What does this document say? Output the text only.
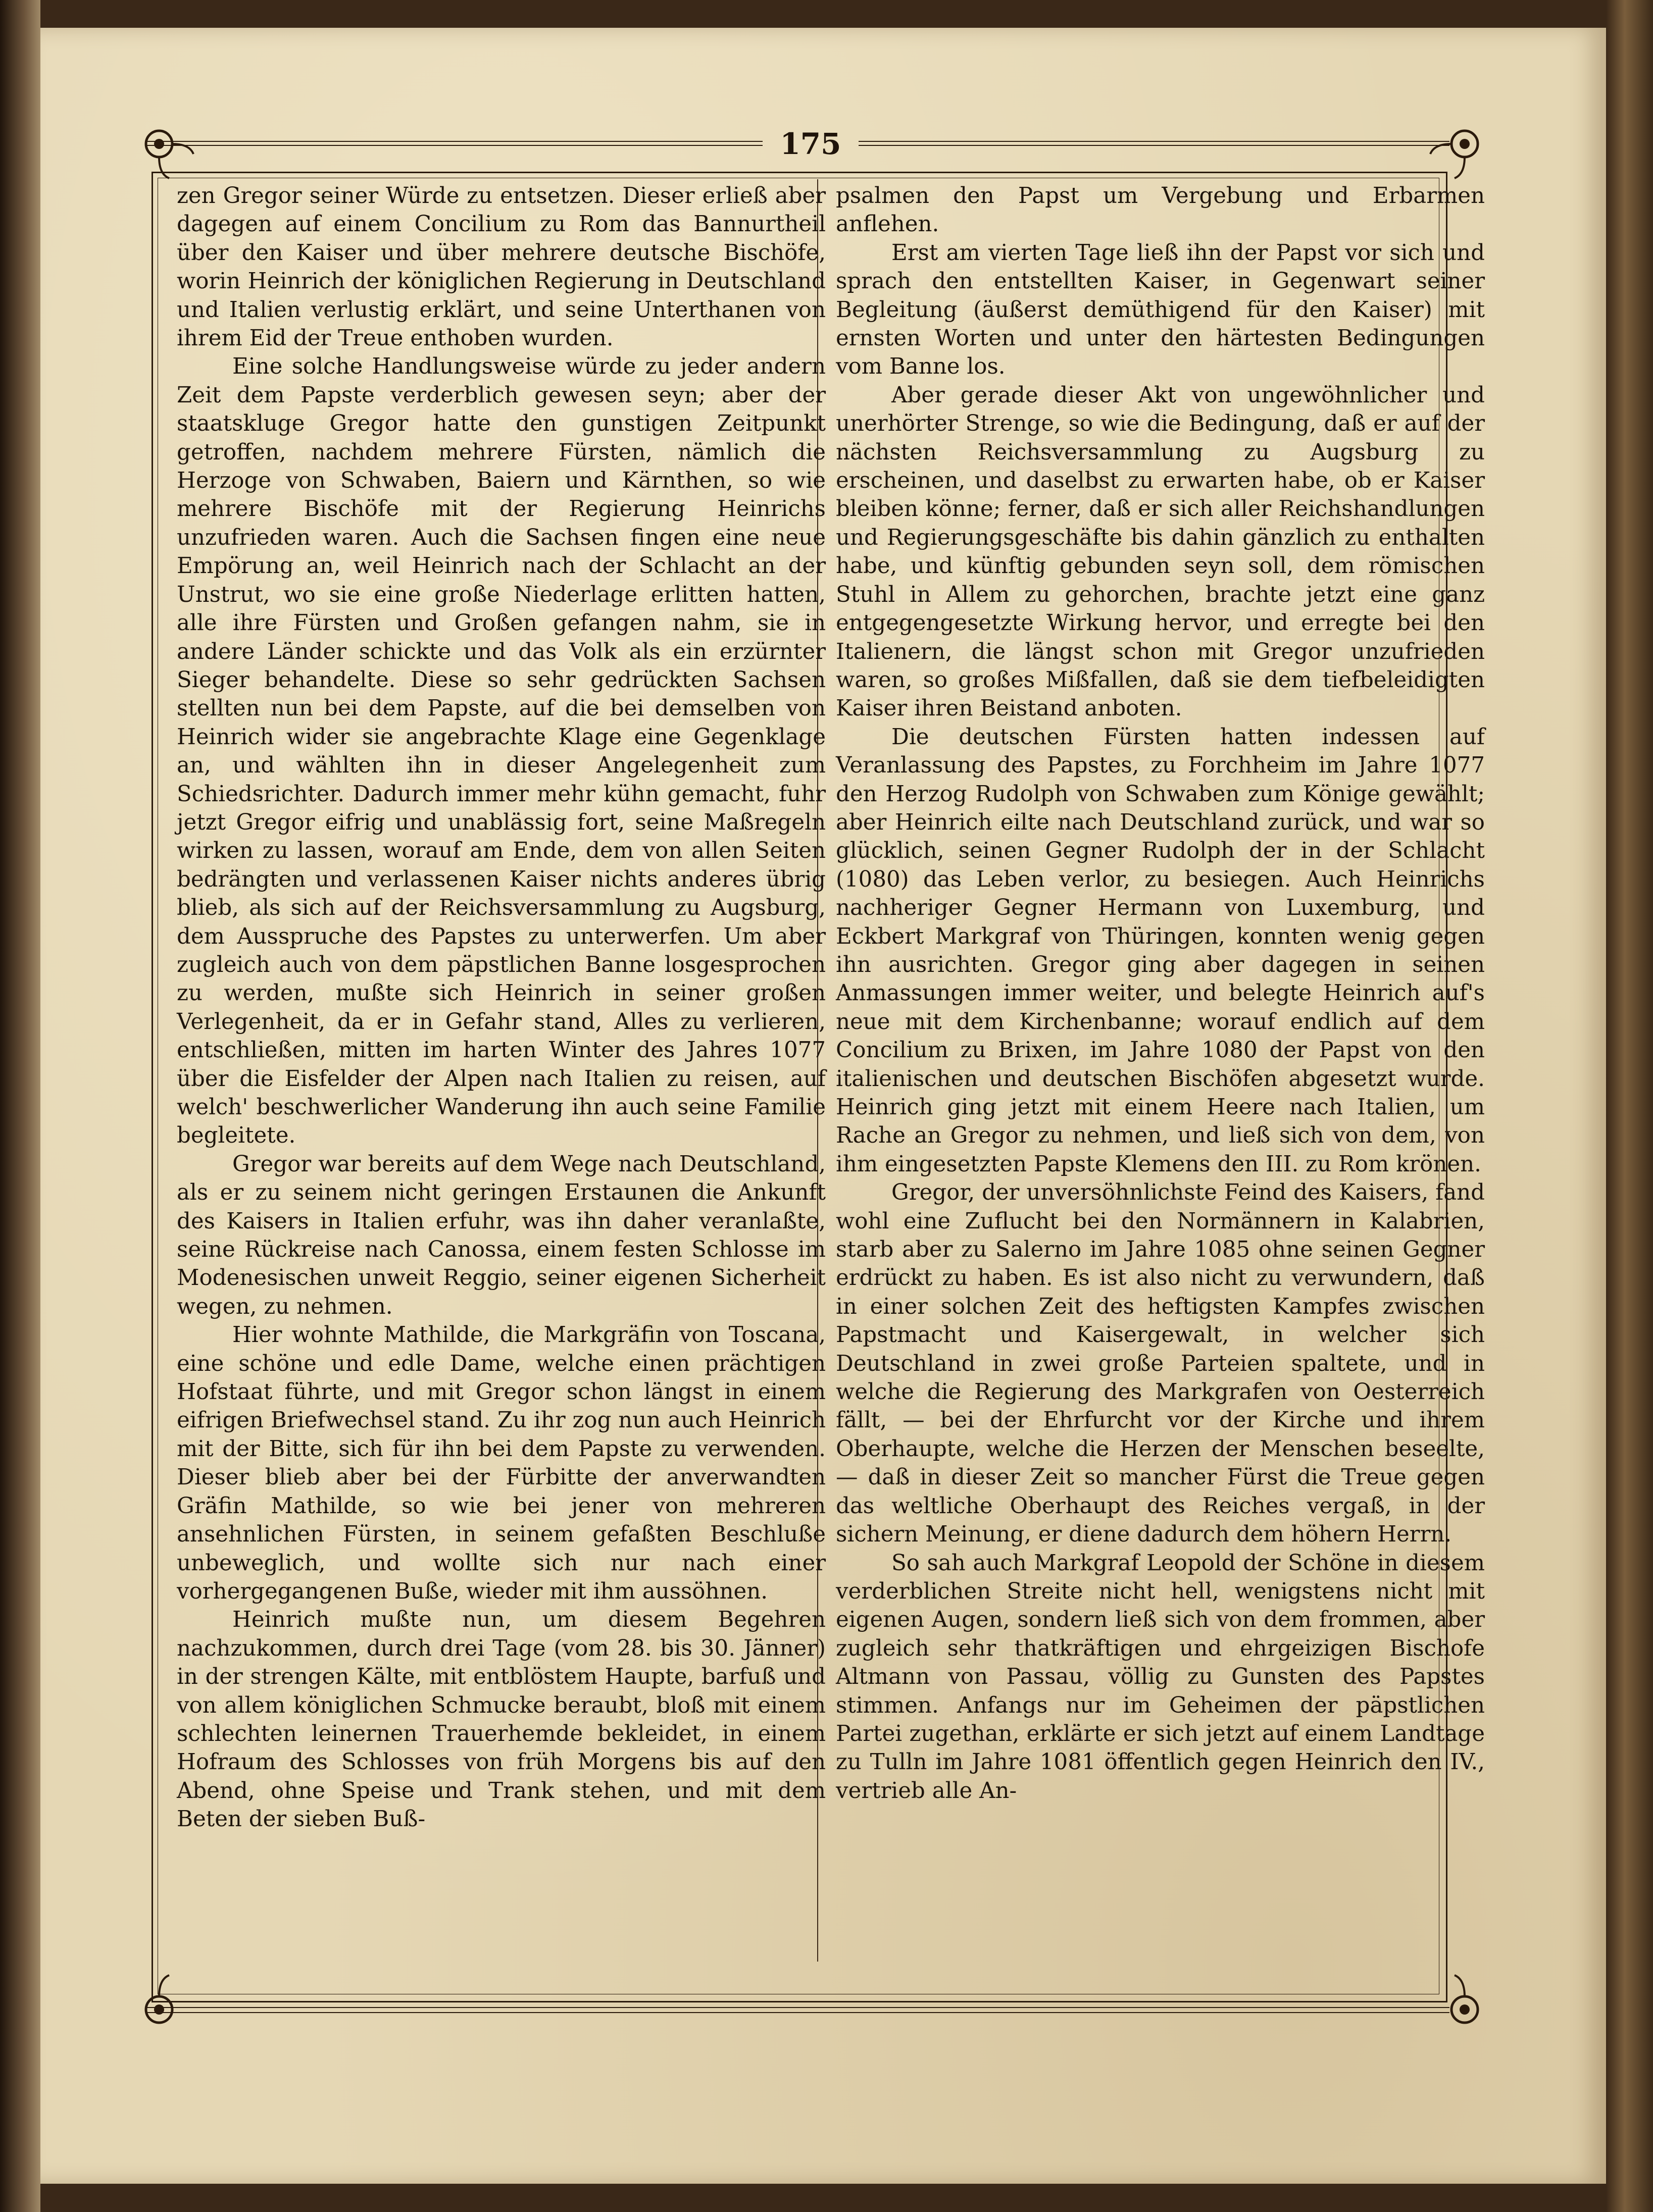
175

zen Gregor seiner Würde zu entsetzen. Dieser erließ aber dagegen auf einem Concilium zu Rom das Bannurtheil über den Kaiser und über mehrere deutsche Bischöfe, worin Heinrich der königlichen Regierung in Deutschland und Italien verlustig erklärt, und seine Unterthanen von ihrem Eid der Treue enthoben wurden.

Eine solche Handlungsweise würde zu jeder andern Zeit dem Papste verderblich gewesen seyn; aber der staatskluge Gregor hatte den gunstigen Zeitpunkt getroffen, nachdem mehrere Fürsten, nämlich die Herzoge von Schwaben, Baiern und Kärnthen, so wie mehrere Bischöfe mit der Regierung Heinrichs unzufrieden waren. Auch die Sachsen fingen eine neue Empörung an, weil Heinrich nach der Schlacht an der Unstrut, wo sie eine große Niederlage erlitten hatten, alle ihre Fürsten und Großen gefangen nahm, sie in andere Länder schickte und das Volk als ein erzürnter Sieger behandelte. Diese so sehr gedrückten Sachsen stellten nun bei dem Papste, auf die bei demselben von Heinrich wider sie angebrachte Klage eine Gegenklage an, und wählten ihn in dieser Angelegenheit zum Schiedsrichter. Dadurch immer mehr kühn gemacht, fuhr jetzt Gregor eifrig und unablässig fort, seine Maßregeln wirken zu lassen, worauf am Ende, dem von allen Seiten bedrängten und verlassenen Kaiser nichts anderes übrig blieb, als sich auf der Reichsversammlung zu Augsburg, dem Ausspruche des Papstes zu unterwerfen. Um aber zugleich auch von dem päpstlichen Banne losgesprochen zu werden, mußte sich Heinrich in seiner großen Verlegenheit, da er in Gefahr stand, Alles zu verlieren, entschließen, mitten im harten Winter des Jahres 1077 über die Eisfelder der Alpen nach Italien zu reisen, auf welch' beschwerlicher Wanderung ihn auch seine Familie begleitete.

Gregor war bereits auf dem Wege nach Deutschland, als er zu seinem nicht geringen Erstaunen die Ankunft des Kaisers in Italien erfuhr, was ihn daher veranlaßte, seine Rückreise nach Canossa, einem festen Schlosse im Modenesischen unweit Reggio, seiner eigenen Sicherheit wegen, zu nehmen.

Hier wohnte Mathilde, die Markgräfin von Toscana, eine schöne und edle Dame, welche einen prächtigen Hofstaat führte, und mit Gregor schon längst in einem eifrigen Briefwechsel stand. Zu ihr zog nun auch Heinrich mit der Bitte, sich für ihn bei dem Papste zu verwenden. Dieser blieb aber bei der Fürbitte der anverwandten Gräfin Mathilde, so wie bei jener von mehreren ansehnlichen Fürsten, in seinem gefaßten Beschluße unbeweglich, und wollte sich nur nach einer vorhergegangenen Buße, wieder mit ihm aussöhnen.

Heinrich mußte nun, um diesem Begehren nachzukommen, durch drei Tage (vom 28. bis 30. Jänner) in der strengen Kälte, mit entblöstem Haupte, barfuß und von allem königlichen Schmucke beraubt, bloß mit einem schlechten leinernen Trauerhemde bekleidet, in einem Hofraum des Schlosses von früh Morgens bis auf den Abend, ohne Speise und Trank stehen, und mit dem Beten der sieben Buß-

psalmen den Papst um Vergebung und Erbarmen anflehen.

Erst am vierten Tage ließ ihn der Papst vor sich und sprach den entstellten Kaiser, in Gegenwart seiner Begleitung (äußerst demüthigend für den Kaiser) mit ernsten Worten und unter den härtesten Bedingungen vom Banne los.

Aber gerade dieser Akt von ungewöhnlicher und unerhörter Strenge, so wie die Bedingung, daß er auf der nächsten Reichsversammlung zu Augsburg zu erscheinen, und daselbst zu erwarten habe, ob er Kaiser bleiben könne; ferner, daß er sich aller Reichshandlungen und Regierungsgeschäfte bis dahin gänzlich zu enthalten habe, und künftig gebunden seyn soll, dem römischen Stuhl in Allem zu gehorchen, brachte jetzt eine ganz entgegengesetzte Wirkung hervor, und erregte bei den Italienern, die längst schon mit Gregor unzufrieden waren, so großes Mißfallen, daß sie dem tiefbeleidigten Kaiser ihren Beistand anboten.

Die deutschen Fürsten hatten indessen auf Veranlassung des Papstes, zu Forchheim im Jahre 1077 den Herzog Rudolph von Schwaben zum Könige gewählt; aber Heinrich eilte nach Deutschland zurück, und war so glücklich, seinen Gegner Rudolph der in der Schlacht (1080) das Leben verlor, zu besiegen. Auch Heinrichs nachheriger Gegner Hermann von Luxemburg, und Eckbert Markgraf von Thüringen, konnten wenig gegen ihn ausrichten. Gregor ging aber dagegen in seinen Anmassungen immer weiter, und belegte Heinrich auf's neue mit dem Kirchenbanne; worauf endlich auf dem Concilium zu Brixen, im Jahre 1080 der Papst von den italienischen und deutschen Bischöfen abgesetzt wurde. Heinrich ging jetzt mit einem Heere nach Italien, um Rache an Gregor zu nehmen, und ließ sich von dem, von ihm eingesetzten Papste Klemens den III. zu Rom krönen.

Gregor, der unversöhnlichste Feind des Kaisers, fand wohl eine Zuflucht bei den Normännern in Kalabrien, starb aber zu Salerno im Jahre 1085 ohne seinen Gegner erdrückt zu haben. Es ist also nicht zu verwundern, daß in einer solchen Zeit des heftigsten Kampfes zwischen Papstmacht und Kaisergewalt, in welcher sich Deutschland in zwei große Parteien spaltete, und in welche die Regierung des Markgrafen von Oesterreich fällt, — bei der Ehrfurcht vor der Kirche und ihrem Oberhaupte, welche die Herzen der Menschen beseelte, — daß in dieser Zeit so mancher Fürst die Treue gegen das weltliche Oberhaupt des Reiches vergaß, in der sichern Meinung, er diene dadurch dem höhern Herrn.

So sah auch Markgraf Leopold der Schöne in diesem verderblichen Streite nicht hell, wenigstens nicht mit eigenen Augen, sondern ließ sich von dem frommen, aber zugleich sehr thatkräftigen und ehrgeizigen Bischofe Altmann von Passau, völlig zu Gunsten des Papstes stimmen. Anfangs nur im Geheimen der päpstlichen Partei zugethan, erklärte er sich jetzt auf einem Landtage zu Tulln im Jahre 1081 öffentlich gegen Heinrich den IV., vertrieb alle An-
